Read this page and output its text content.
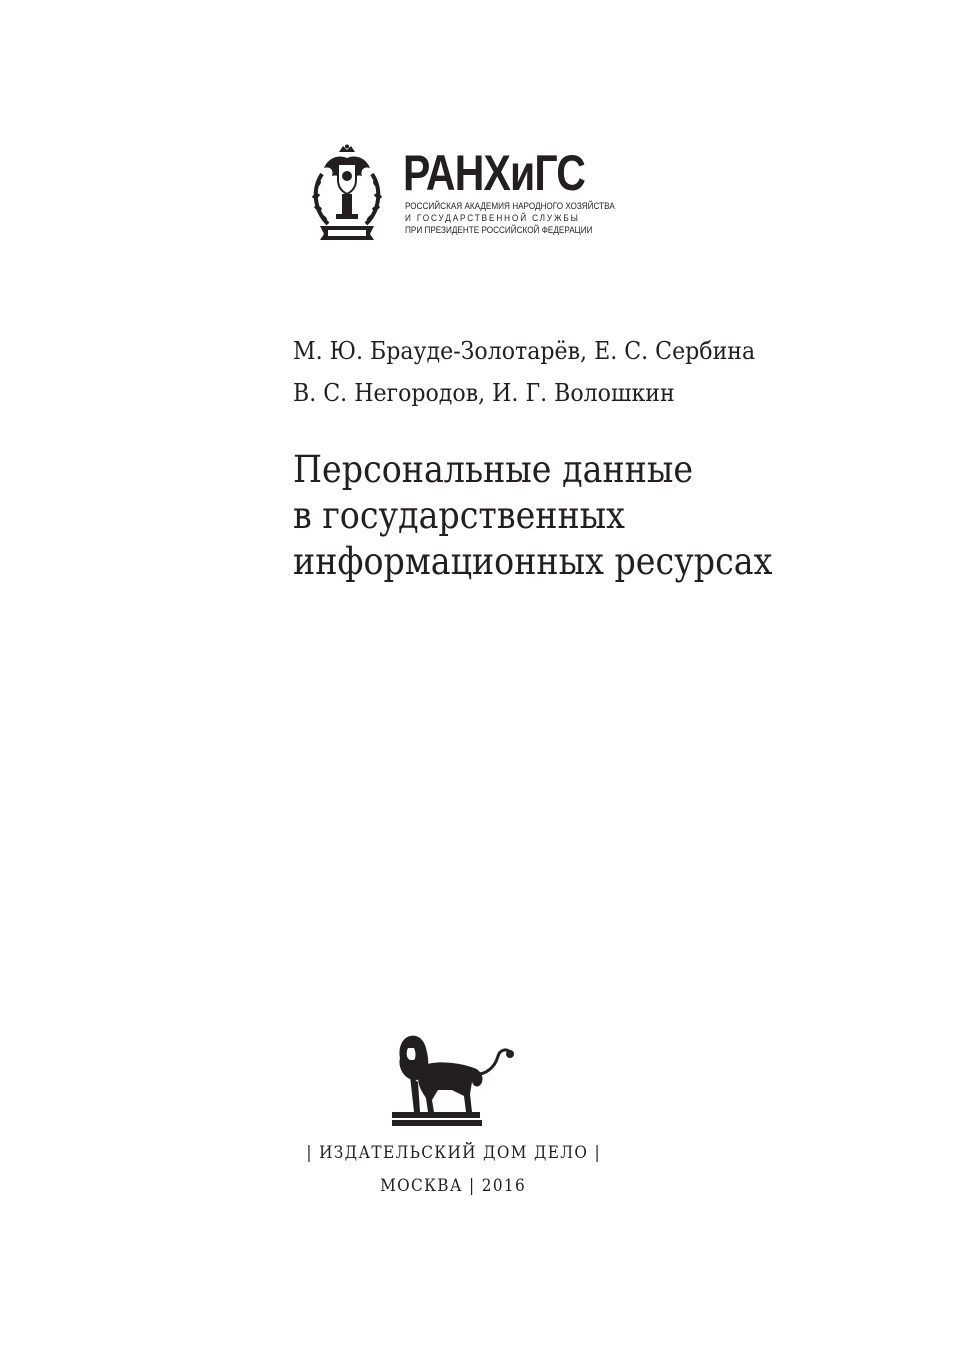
РАНХиГС
РОССИЙСКАЯ АКАДЕМИЯ НАРОДНОГО ХОЗЯЙСТВА
И ГОСУДАРСТВЕННОЙ СЛУЖБЫ
ПРИ ПРЕЗИДЕНТЕ РОССИЙСКОЙ ФЕДЕРАЦИИ
М. Ю. Брауде-Золотарёв, Е. С. Сербина
В. С. Негородов, И. Г. Волошкин
Персональные данные
в государственных
информационных ресурсах
| ИЗДАТЕЛЬСКИЙ ДОМ ДЕЛО |
МОСКВА | 2016
